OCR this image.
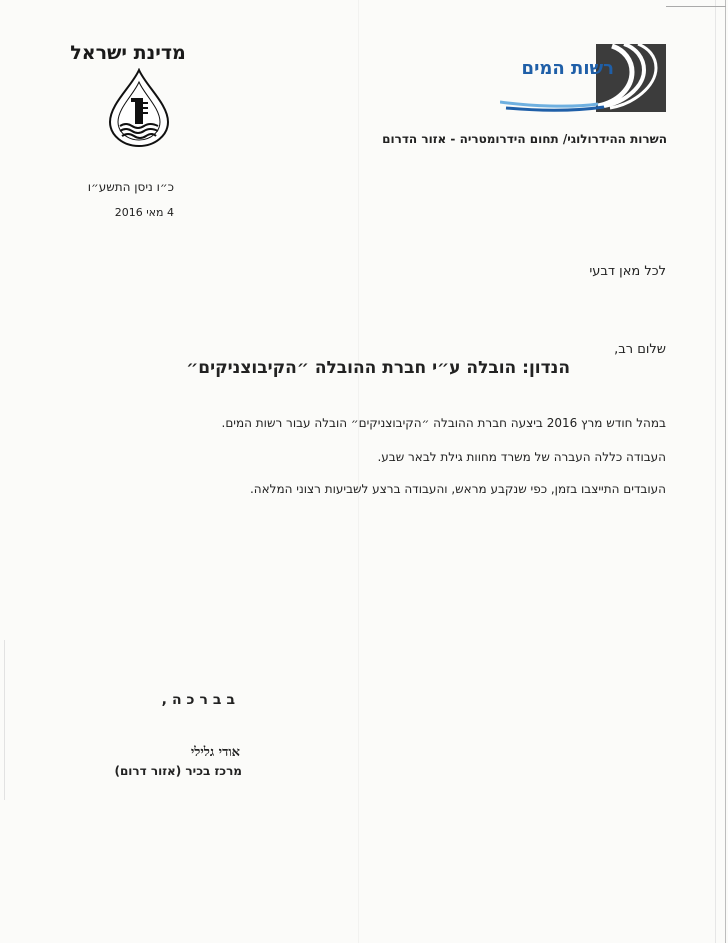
מדינת ישראל
רשות המים
השרות ההידרולוגי/ תחום הידרומטריה - אזור הדרום
כ״ו ניסן התשע״ו
4 מאי 2016
לכל מאן דבעי
שלום רב,
הנדון: הובלה ע״י חברת ההובלה ״הקיבוצניקים״
במהל חודש מרץ 2016 ביצעה חברת ההובלה ״הקיבוצניקים״ הובלה עבור רשות המים.
העבודה כללה העברה של משרד מחוות גילת לבאר שבע.
העובדים התייצבו בזמן, כפי שנקבע מראש, והעבודה ברצע לשביעות רצוני המלאה.
בברכה,
אודי גלילי
מרכז בכיר (אזור דרום)
